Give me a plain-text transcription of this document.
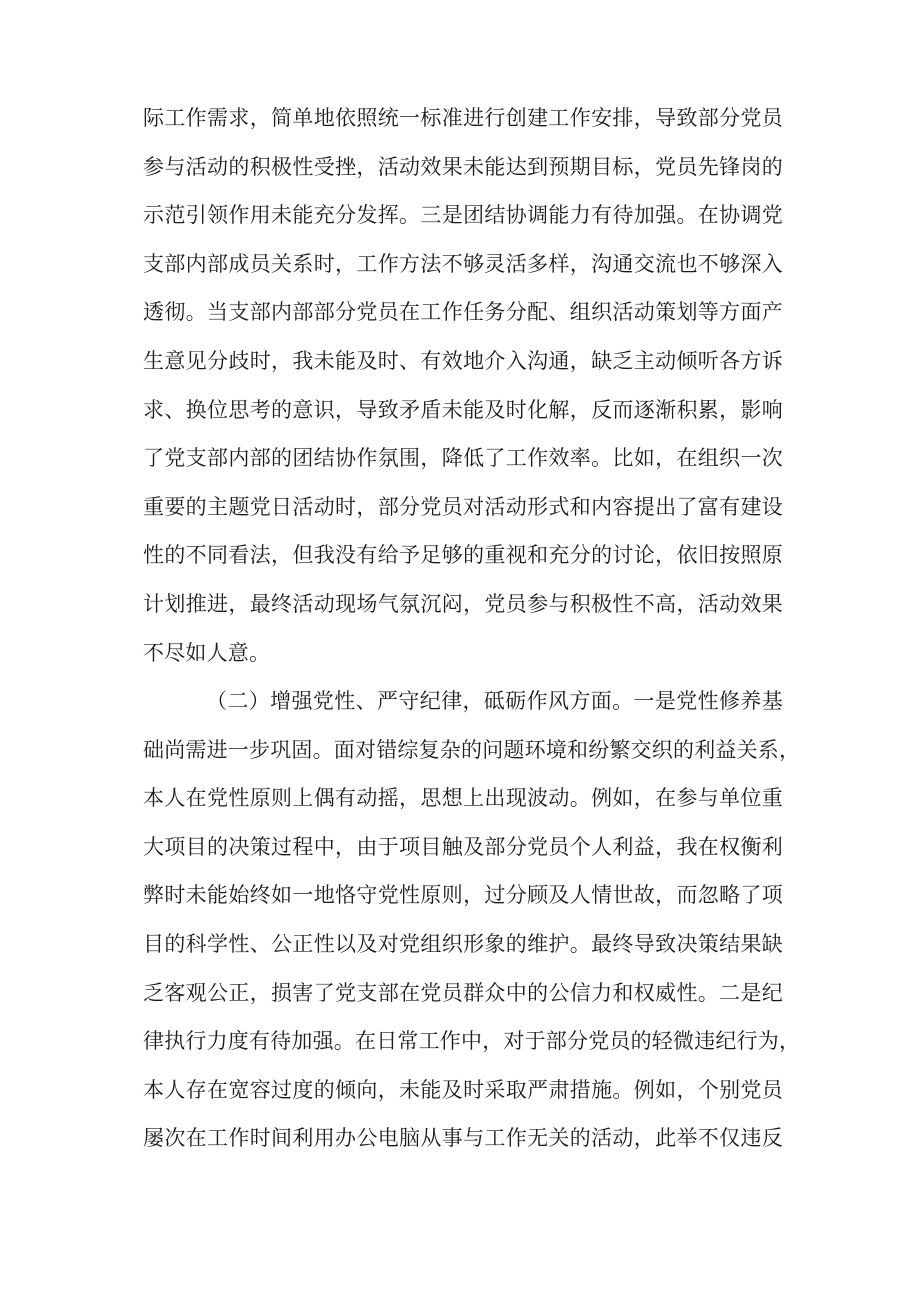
际工作需求，简单地依照统一标准进行创建工作安排，导致部分党员
参与活动的积极性受挫，活动效果未能达到预期目标，党员先锋岗的
示范引领作用未能充分发挥。三是团结协调能力有待加强。在协调党
支部内部成员关系时，工作方法不够灵活多样，沟通交流也不够深入
透彻。当支部内部部分党员在工作任务分配、组织活动策划等方面产
生意见分歧时，我未能及时、有效地介入沟通，缺乏主动倾听各方诉
求、换位思考的意识，导致矛盾未能及时化解，反而逐渐积累，影响
了党支部内部的团结协作氛围，降低了工作效率。比如，在组织一次
重要的主题党日活动时，部分党员对活动形式和内容提出了富有建设
性的不同看法，但我没有给予足够的重视和充分的讨论，依旧按照原
计划推进，最终活动现场气氛沉闷，党员参与积极性不高，活动效果
不尽如人意。
（二）增强党性、严守纪律，砥砺作风方面。一是党性修养基
础尚需进一步巩固。面对错综复杂的问题环境和纷繁交织的利益关系，
本人在党性原则上偶有动摇，思想上出现波动。例如，在参与单位重
大项目的决策过程中，由于项目触及部分党员个人利益，我在权衡利
弊时未能始终如一地恪守党性原则，过分顾及人情世故，而忽略了项
目的科学性、公正性以及对党组织形象的维护。最终导致决策结果缺
乏客观公正，损害了党支部在党员群众中的公信力和权威性。二是纪
律执行力度有待加强。在日常工作中，对于部分党员的轻微违纪行为，
本人存在宽容过度的倾向，未能及时采取严肃措施。例如，个别党员
屡次在工作时间利用办公电脑从事与工作无关的活动，此举不仅违反
